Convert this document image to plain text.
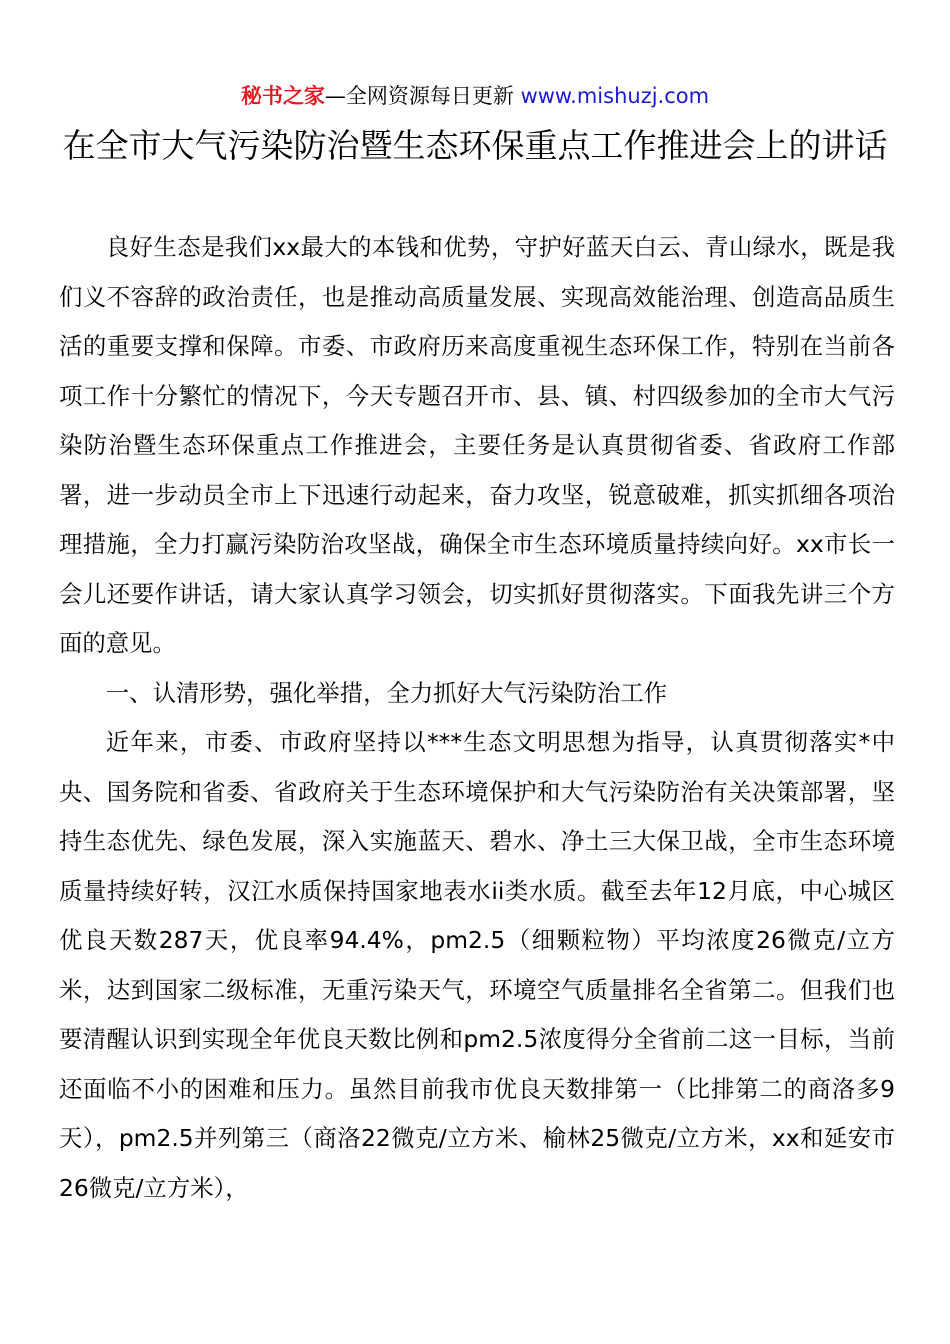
秘书之家—全网资源每日更新 www.mishuzj.com
在全市大气污染防治暨生态环保重点工作推进会上的讲话

良好生态是我们xx最大的本钱和优势，守护好蓝天白云、青山绿水，既是我们义不容辞的政治责任，也是推动高质量发展、实现高效能治理、创造高品质生活的重要支撑和保障。市委、市政府历来高度重视生态环保工作，特别在当前各项工作十分繁忙的情况下，今天专题召开市、县、镇、村四级参加的全市大气污染防治暨生态环保重点工作推进会，主要任务是认真贯彻省委、省政府工作部署，进一步动员全市上下迅速行动起来，奋力攻坚，锐意破难，抓实抓细各项治理措施，全力打赢污染防治攻坚战，确保全市生态环境质量持续向好。xx市长一会儿还要作讲话，请大家认真学习领会，切实抓好贯彻落实。下面我先讲三个方面的意见。

一、认清形势，强化举措，全力抓好大气污染防治工作

近年来，市委、市政府坚持以***生态文明思想为指导，认真贯彻落实*中央、国务院和省委、省政府关于生态环境保护和大气污染防治有关决策部署，坚持生态优先、绿色发展，深入实施蓝天、碧水、净土三大保卫战，全市生态环境质量持续好转，汉江水质保持国家地表水ii类水质。截至去年12月底，中心城区优良天数287天，优良率94.4%，pm2.5（细颗粒物）平均浓度26微克/立方米，达到国家二级标准，无重污染天气，环境空气质量排名全省第二。但我们也要清醒认识到实现全年优良天数比例和pm2.5浓度得分全省前二这一目标，当前还面临不小的困难和压力。虽然目前我市优良天数排第一（比排第二的商洛多9天），pm2.5并列第三（商洛22微克/立方米、榆林25微克/立方米，xx和延安市26微克/立方米），
